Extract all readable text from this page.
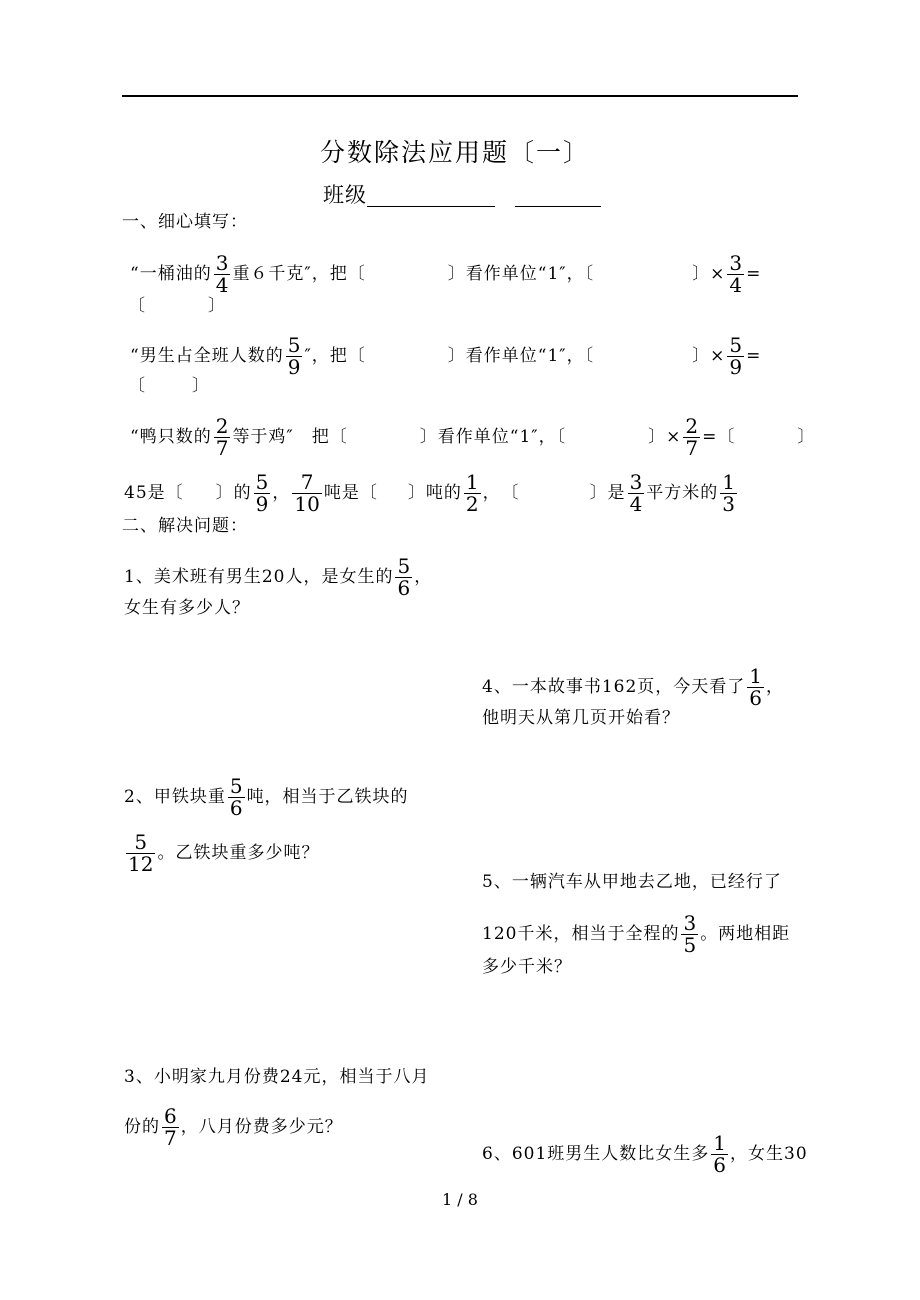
分数除法应用题〔一〕
班级
一、细心填写：
“一桶油的 $\frac{3}{4}$ 重６千克″，把〔	〕看作单位“1″，〔	〕× $\frac{3}{4}$ =
〔	〕
“男生占全班人数的 $\frac{5}{9}$ ″，把〔	〕看作单位“1″，〔	〕× $\frac{5}{9}$ =
〔	〕
“鸭只数的 $\frac{2}{7}$ 等于鸡″　把〔	〕看作单位“1″，〔	〕× $\frac{2}{7}$ =〔	〕
45是〔 〕的 $\frac{5}{9}$ ， $\frac{7}{10}$ 吨是〔 〕吨的 $\frac{1}{2}$ ，　〔	〕是 $\frac{3}{4}$ 平方米的 $\frac{1}{3}$
二、解决问题：
1、美术班有男生20人，是女生的 $\frac{5}{6}$ ，
女生有多少人？
4、一本故事书162页，今天看了 $\frac{1}{6}$ ，
他明天从第几页开始看？
2、甲铁块重 $\frac{5}{6}$ 吨，相当于乙铁块的
$\frac{5}{12}$ 。乙铁块重多少吨？
5、一辆汽车从甲地去乙地，已经行了
120千米，相当于全程的 $\frac{3}{5}$ 。两地相距
多少千米？
3、小明家九月份费24元，相当于八月
份的 $\frac{6}{7}$ ，八月份费多少元？
6、601班男生人数比女生多 $\frac{1}{6}$ ，女生30
1 / 8
